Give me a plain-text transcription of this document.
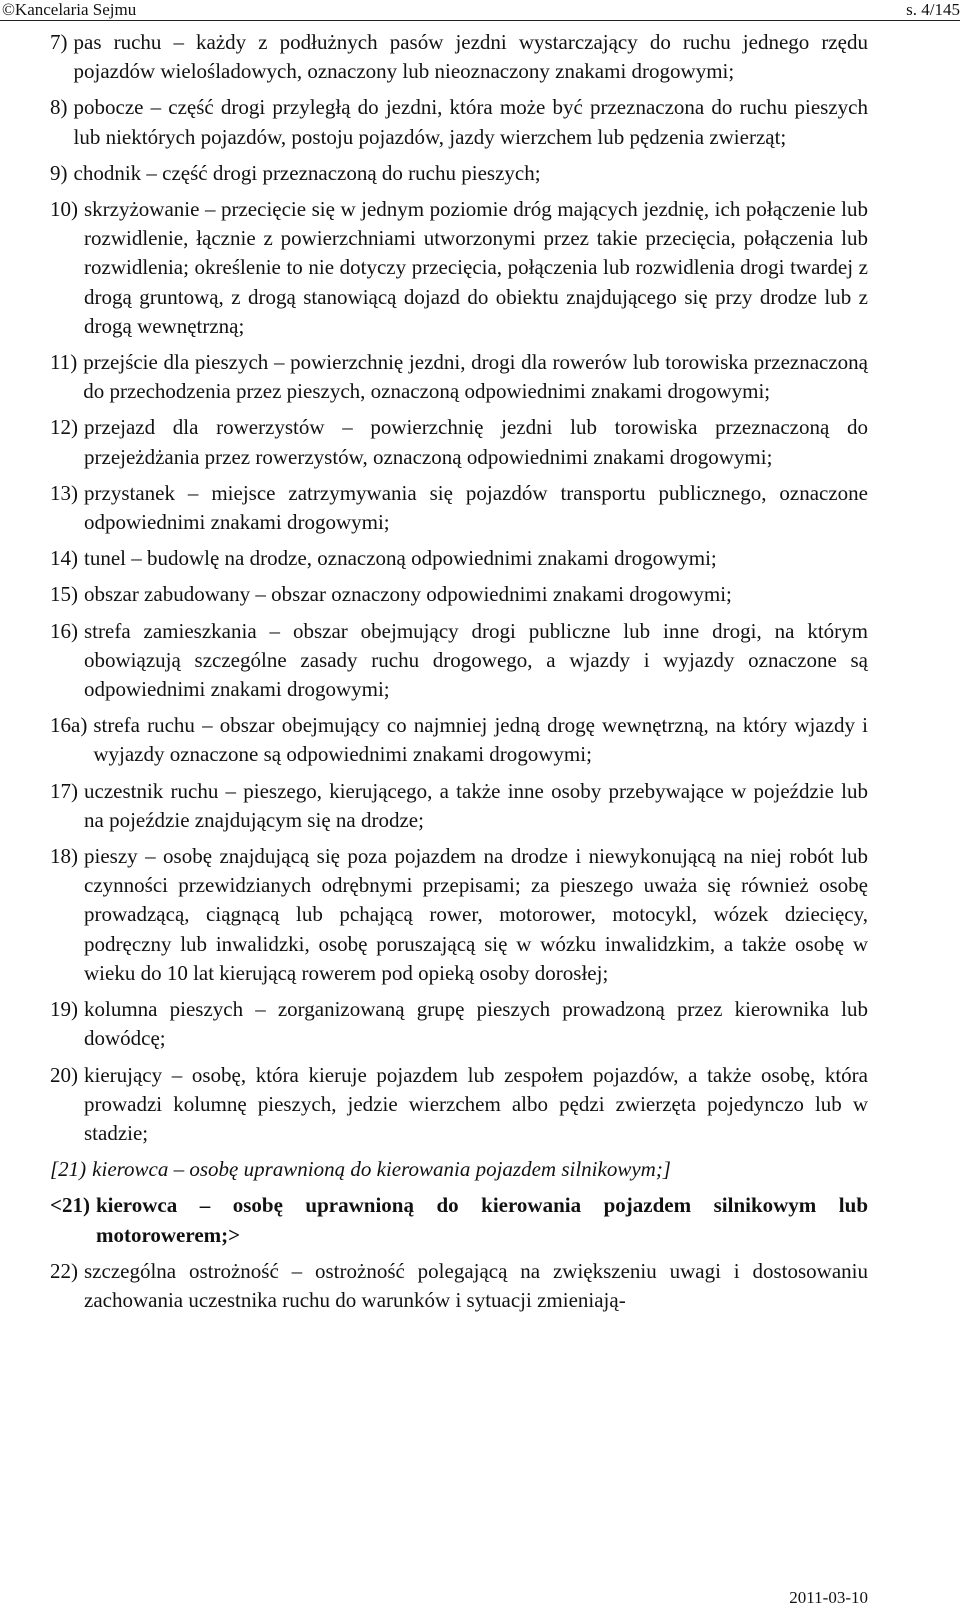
©Kancelaria Sejmu	s. 4/145
7) pas ruchu – każdy z podłużnych pasów jezdni wystarczający do ruchu jednego rzędu pojazdów wielośladowych, oznaczony lub nieoznaczony znakami drogowymi;
8) pobocze – część drogi przyległą do jezdni, która może być przeznaczona do ruchu pieszych lub niektórych pojazdów, postoju pojazdów, jazdy wierzchem lub pędzenia zwierząt;
9) chodnik – część drogi przeznaczoną do ruchu pieszych;
10) skrzyżowanie – przecięcie się w jednym poziomie dróg mających jezdnię, ich połączenie lub rozwidlenie, łącznie z powierzchniami utworzonymi przez takie przecięcia, połączenia lub rozwidlenia; określenie to nie dotyczy przecięcia, połączenia lub rozwidlenia drogi twardej z drogą gruntową, z drogą stanowiącą dojazd do obiektu znajdującego się przy drodze lub z drogą wewnętrzną;
11) przejście dla pieszych – powierzchnię jezdni, drogi dla rowerów lub torowiska przeznaczoną do przechodzenia przez pieszych, oznaczoną odpowiednimi znakami drogowymi;
12) przejazd dla rowerzystów – powierzchnię jezdni lub torowiska przeznaczoną do przejeżdżania przez rowerzystów, oznaczoną odpowiednimi znakami drogowymi;
13) przystanek – miejsce zatrzymywania się pojazdów transportu publicznego, oznaczone odpowiednimi znakami drogowymi;
14) tunel – budowlę na drodze, oznaczoną odpowiednimi znakami drogowymi;
15) obszar zabudowany – obszar oznaczony odpowiednimi znakami drogowymi;
16) strefa zamieszkania – obszar obejmujący drogi publiczne lub inne drogi, na którym obowiązują szczególne zasady ruchu drogowego, a wjazdy i wyjazdy oznaczone są odpowiednimi znakami drogowymi;
16a) strefa ruchu – obszar obejmujący co najmniej jedną drogę wewnętrzną, na który wjazdy i wyjazdy oznaczone są odpowiednimi znakami drogowymi;
17) uczestnik ruchu – pieszego, kierującego, a także inne osoby przebywające w pojeździe lub na pojeździe znajdującym się na drodze;
18) pieszy – osobę znajdującą się poza pojazdem na drodze i niewykonującą na niej robót lub czynności przewidzianych odrębnymi przepisami; za pieszego uważa się również osobę prowadzącą, ciągnącą lub pchającą rower, motorower, motocykl, wózek dziecięcy, podręczny lub inwalidzki, osobę poruszającą się w wózku inwalidzkim, a także osobę w wieku do 10 lat kierującą rowerem pod opieką osoby dorosłej;
19) kolumna pieszych – zorganizowaną grupę pieszych prowadzoną przez kierownika lub dowódcę;
20) kierujący – osobę, która kieruje pojazdem lub zespołem pojazdów, a także osobę, która prowadzi kolumnę pieszych, jedzie wierzchem albo pędzi zwierzęta pojedynczo lub w stadzie;
[21) kierowca – osobę uprawnioną do kierowania pojazdem silnikowym;]
<21) kierowca – osobę uprawnioną do kierowania pojazdem silnikowym lub motorowerem;>
22) szczególna ostrożność – ostrożność polegającą na zwiększeniu uwagi i dostosowaniu zachowania uczestnika ruchu do warunków i sytuacji zmieniają-
2011-03-10
